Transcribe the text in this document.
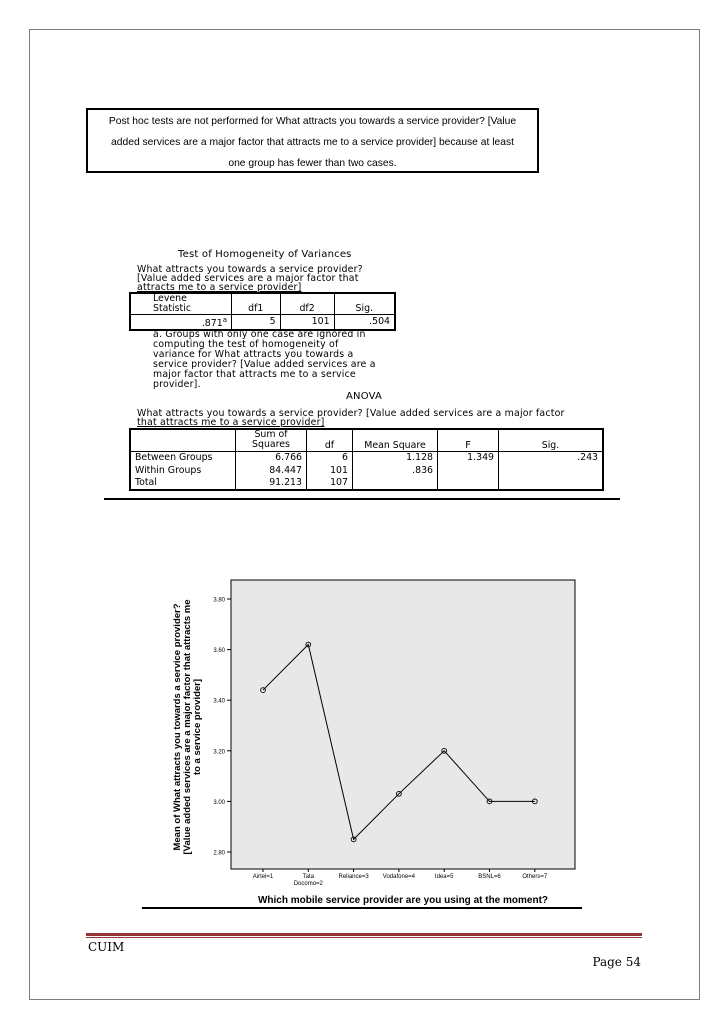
Post hoc tests are not performed for What attracts you towards a service provider? [Value
added services are a major factor that attracts me to a service provider] because at least
one group has fewer than two cases.
Test of Homogeneity of Variances
What attracts you towards a service provider?
[Value added services are a major factor that
attracts me to a service provider]
Levene
Statistic	df1	df2	Sig.
.871$^a$	5	101	.504
a. Groups with only one case are ignored in
computing the test of homogeneity of
variance for What attracts you towards a
service provider? [Value added services are a
major factor that attracts me to a service
provider].
ANOVA
What attracts you towards a service provider? [Value added services are a major factor
that attracts me to a service provider]

	Sum of
Squares	df	Mean Square	F	Sig.
Between Groups	6.766	6	1.128	1.349	.243
Within Groups	84.447	101	.836		
Total	91.213	107			
2.80
3.00
3.20
3.40
3.60
3.80
Airtel=1	Tata Docomo=2
Reliance=3 Vodafone=4	Idea=5	BSNL=6	Others=7
Mean of What attracts you towards a service provider? [Value added services are a major factor that attracts me to a service provider]
Which mobile service provider are you using at the moment?
CUIM
Page 54
